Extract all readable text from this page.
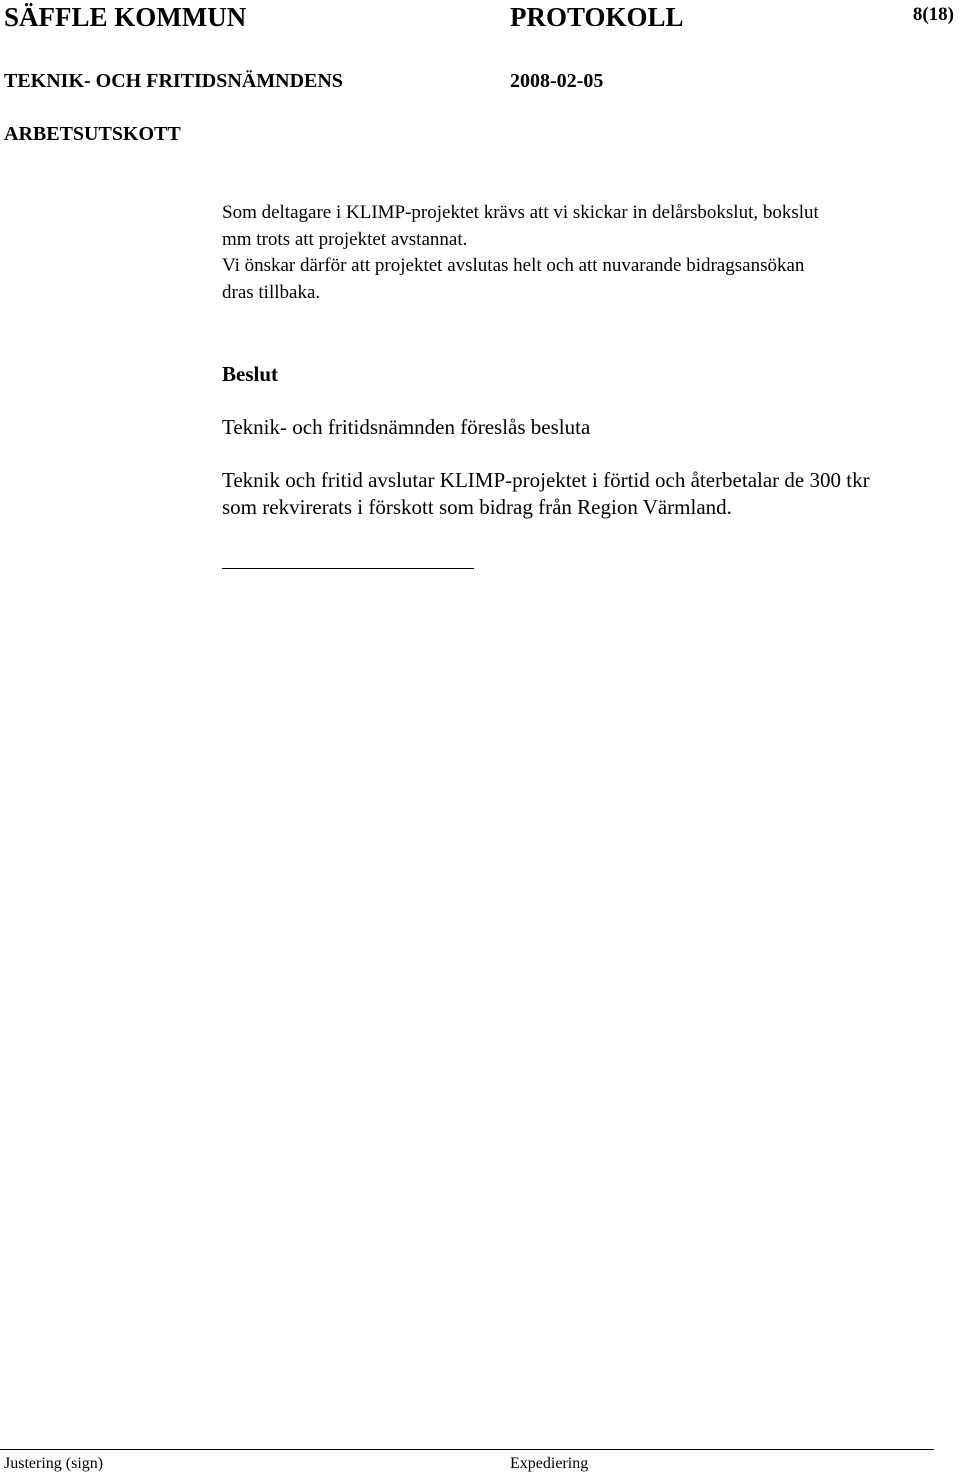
SÄFFLE KOMMUN	PROTOKOLL	8(18)
TEKNIK- OCH FRITIDSNÄMNDENS	2008-02-05
ARBETSUTSKOTT
Som deltagare i KLIMP-projektet krävs att vi skickar in delårsbokslut, bokslut
mm trots att projektet avstannat.
Vi önskar därför att projektet avslutas helt och att nuvarande bidragsansökan
dras tillbaka.
Beslut
Teknik- och fritidsnämnden föreslås besluta
Teknik och fritid avslutar KLIMP-projektet i förtid och återbetalar de 300 tkr
som rekvirerats i förskott som bidrag från Region Värmland.
Justering (sign)	Expediering
